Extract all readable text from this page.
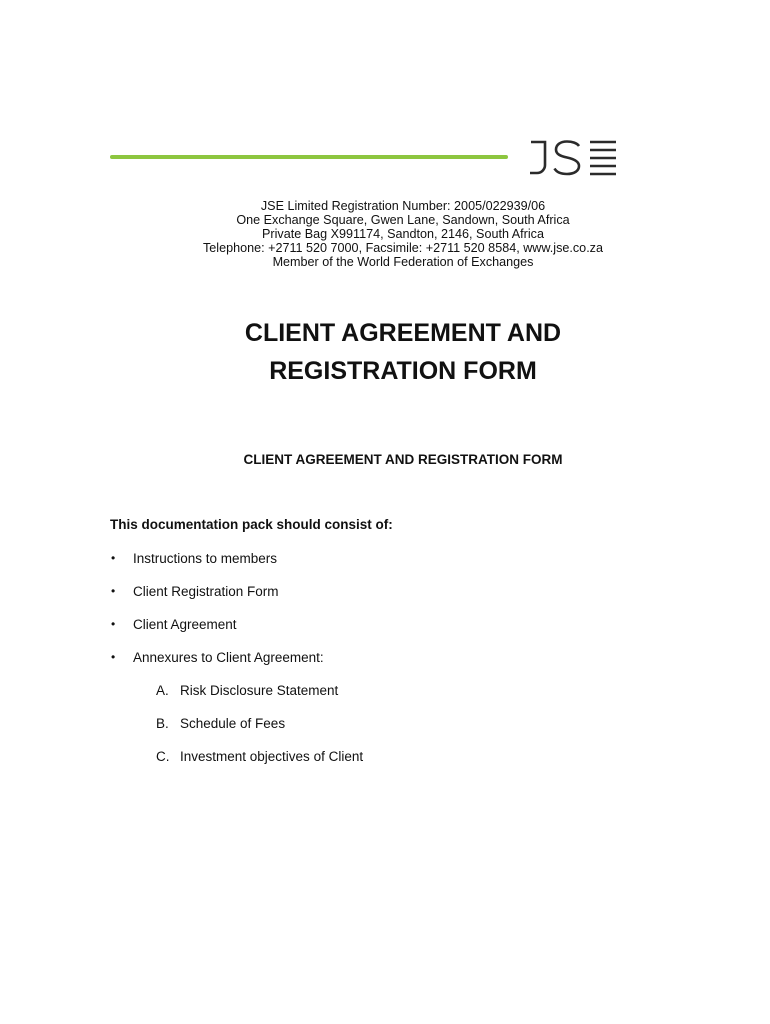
JSE Limited Registration Number: 2005/022939/06
One Exchange Square, Gwen Lane, Sandown, South Africa
Private Bag X991174, Sandton, 2146, South Africa
Telephone: +2711 520 7000, Facsimile: +2711 520 8584, www.jse.co.za
Member of the World Federation of Exchanges
CLIENT AGREEMENT AND
REGISTRATION FORM
CLIENT AGREEMENT AND REGISTRATION FORM
This documentation pack should consist of:
• Instructions to members
• Client Registration Form
• Client Agreement
• Annexures to Client Agreement:
A. Risk Disclosure Statement
B. Schedule of Fees
C. Investment objectives of Client
